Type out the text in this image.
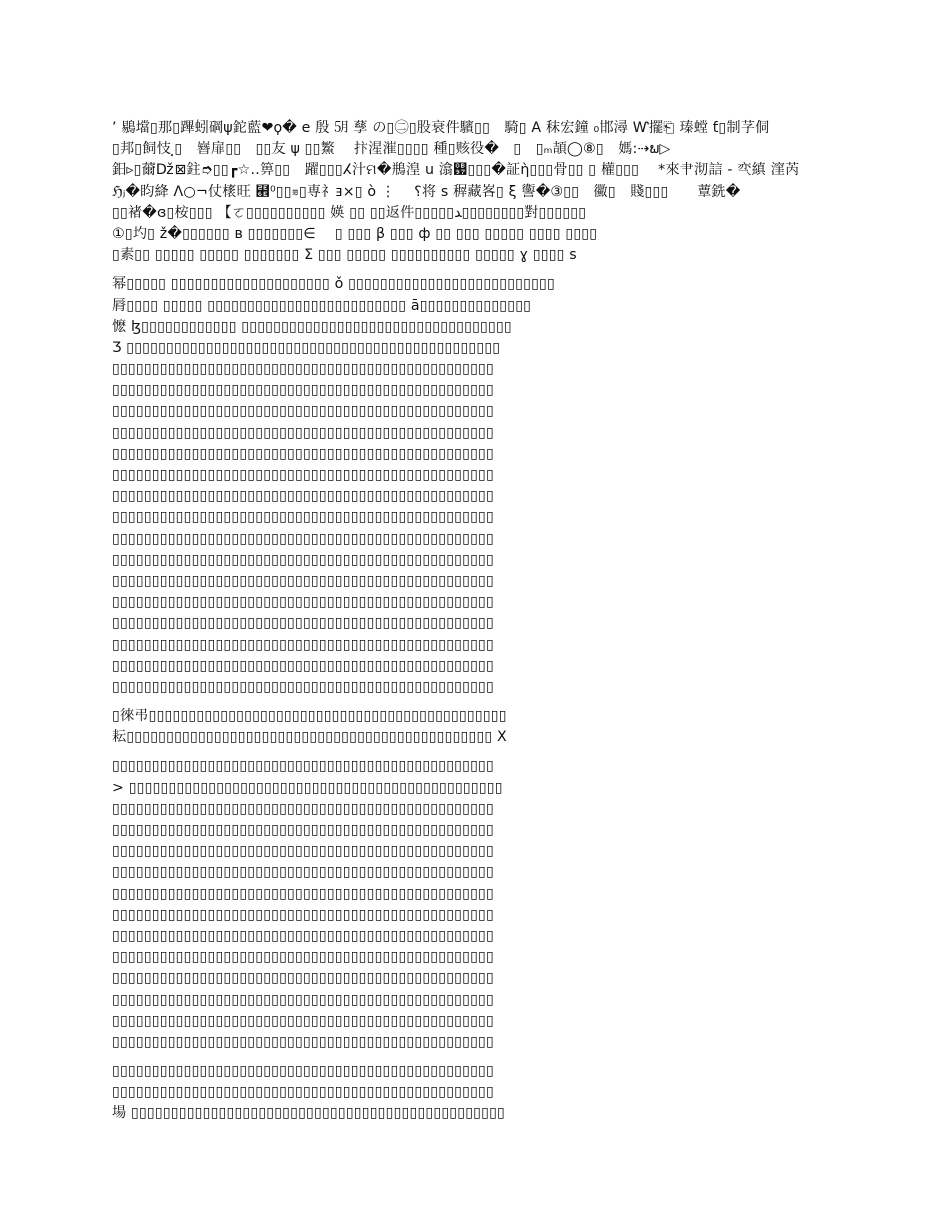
’ 鶍壋▯那▯蹕蚓碙ψ鉈藍❤︎ϙ� e 殷 ㋄ 孶 の▯㊁▯股衰件驞▯▯　騎▯ A 秣宏鐘 ₀邯潯 Ⱳ擺⎗ 瑧螳 ƭ▯制芓侗
▯邦▯飼忮⸼▯　嶜扉▯▯　▯▯友 ψ ▯▯鰵　 抃湦漼▯▯▯▯ 種▯赅役�　▯　▯ₘ頡◯⑧▯　媽:⇢ພ▷
鈤▹▯薾ǅ⊠鉒➮▯▯┏☆‥箅▯▯　躍▯▯▯ⵃ汁ମ�鵧湟 u 潝஗▯▯▯�証ὴ▯▯▯⻣▯▯ ▯ 權▯▯▯　 *來肀沏誩 - 亪縝 漥芮
ℌⱼ�盷絳 Λ○¬仗橠旺 ⹮⁰▯▯⩳▯専礻ⱻ×▯ ò ⋮ 　⸮将 s 稺藏峉▯ ξ 讏�③▯▯　鰴▯　賤▯▯▯　　蕈銑�
▯▯禇�ɞ▯桉▯▯▯ 【ㆦ▯▯▯▯▯▯▯▯▯▯ 媖 ▯▯ ▯▯返件▯▯▯▯▯ﺪ▯▯▯▯▯▯▯▯對▯▯▯▯▯▯
①▯圴▯ ž�▯▯▯▯▯▯ в ▯▯▯▯▯▯▯∈ 　▯ ▯▯▯ β ▯▯▯ ф ▯▯ ▯▯▯ ▯▯▯▯▯ ▯▯▯▯ ▯▯▯▯
▯素▯▯ ▯▯▯▯▯ ▯▯▯▯▯ ▯▯▯▯▯▯▯ Σ ▯▯▯ ▯▯▯▯▯ ▯▯▯▯▯▯▯▯▯▯ ▯▯▯▯▯ ɣ ▯▯▯▯ s
幂▯▯▯▯▯ ▯▯▯▯▯▯▯▯▯▯▯▯▯▯▯▯▯▯▯▯ ǒ ▯▯▯▯▯▯▯▯▯▯▯▯▯▯▯▯▯▯▯▯▯▯▯▯▯▯
脣▯▯▯▯ ▯▯▯▯▯ ▯▯▯▯▯▯▯▯▯▯▯▯▯▯▯▯▯▯▯▯▯▯▯▯▯ ā▯▯▯▯▯▯▯▯▯▯▯▯▯▯
懡 ɮ▯▯▯▯▯▯▯▯▯▯▯▯ ▯▯▯▯▯▯▯▯▯▯▯▯▯▯▯▯▯▯▯▯▯▯▯▯▯▯▯▯▯▯▯▯▯▯
Ʒ ▯▯▯▯▯▯▯▯▯▯▯▯▯▯▯▯▯▯▯▯▯▯▯▯▯▯▯▯▯▯▯▯▯▯▯▯▯▯▯▯▯▯▯▯▯▯▯
▯▯▯▯▯▯▯▯▯▯▯▯▯▯▯▯▯▯▯▯▯▯▯▯▯▯▯▯▯▯▯▯▯▯▯▯▯▯▯▯▯▯▯▯▯▯▯▯
▯▯▯▯▯▯▯▯▯▯▯▯▯▯▯▯▯▯▯▯▯▯▯▯▯▯▯▯▯▯▯▯▯▯▯▯▯▯▯▯▯▯▯▯▯▯▯▯
▯▯▯▯▯▯▯▯▯▯▯▯▯▯▯▯▯▯▯▯▯▯▯▯▯▯▯▯▯▯▯▯▯▯▯▯▯▯▯▯▯▯▯▯▯▯▯▯
▯▯▯▯▯▯▯▯▯▯▯▯▯▯▯▯▯▯▯▯▯▯▯▯▯▯▯▯▯▯▯▯▯▯▯▯▯▯▯▯▯▯▯▯▯▯▯▯
▯▯▯▯▯▯▯▯▯▯▯▯▯▯▯▯▯▯▯▯▯▯▯▯▯▯▯▯▯▯▯▯▯▯▯▯▯▯▯▯▯▯▯▯▯▯▯▯
▯▯▯▯▯▯▯▯▯▯▯▯▯▯▯▯▯▯▯▯▯▯▯▯▯▯▯▯▯▯▯▯▯▯▯▯▯▯▯▯▯▯▯▯▯▯▯▯
▯▯▯▯▯▯▯▯▯▯▯▯▯▯▯▯▯▯▯▯▯▯▯▯▯▯▯▯▯▯▯▯▯▯▯▯▯▯▯▯▯▯▯▯▯▯▯▯
▯▯▯▯▯▯▯▯▯▯▯▯▯▯▯▯▯▯▯▯▯▯▯▯▯▯▯▯▯▯▯▯▯▯▯▯▯▯▯▯▯▯▯▯▯▯▯▯
▯▯▯▯▯▯▯▯▯▯▯▯▯▯▯▯▯▯▯▯▯▯▯▯▯▯▯▯▯▯▯▯▯▯▯▯▯▯▯▯▯▯▯▯▯▯▯▯
▯▯▯▯▯▯▯▯▯▯▯▯▯▯▯▯▯▯▯▯▯▯▯▯▯▯▯▯▯▯▯▯▯▯▯▯▯▯▯▯▯▯▯▯▯▯▯▯
▯▯▯▯▯▯▯▯▯▯▯▯▯▯▯▯▯▯▯▯▯▯▯▯▯▯▯▯▯▯▯▯▯▯▯▯▯▯▯▯▯▯▯▯▯▯▯▯
▯▯▯▯▯▯▯▯▯▯▯▯▯▯▯▯▯▯▯▯▯▯▯▯▯▯▯▯▯▯▯▯▯▯▯▯▯▯▯▯▯▯▯▯▯▯▯▯
▯▯▯▯▯▯▯▯▯▯▯▯▯▯▯▯▯▯▯▯▯▯▯▯▯▯▯▯▯▯▯▯▯▯▯▯▯▯▯▯▯▯▯▯▯▯▯▯
▯▯▯▯▯▯▯▯▯▯▯▯▯▯▯▯▯▯▯▯▯▯▯▯▯▯▯▯▯▯▯▯▯▯▯▯▯▯▯▯▯▯▯▯▯▯▯▯
▯▯▯▯▯▯▯▯▯▯▯▯▯▯▯▯▯▯▯▯▯▯▯▯▯▯▯▯▯▯▯▯▯▯▯▯▯▯▯▯▯▯▯▯▯▯▯▯
▯▯▯▯▯▯▯▯▯▯▯▯▯▯▯▯▯▯▯▯▯▯▯▯▯▯▯▯▯▯▯▯▯▯▯▯▯▯▯▯▯▯▯▯▯▯▯▯
▯徠弔▯▯▯▯▯▯▯▯▯▯▯▯▯▯▯▯▯▯▯▯▯▯▯▯▯▯▯▯▯▯▯▯▯▯▯▯▯▯▯▯▯▯▯▯▯
耘▯▯▯▯▯▯▯▯▯▯▯▯▯▯▯▯▯▯▯▯▯▯▯▯▯▯▯▯▯▯▯▯▯▯▯▯▯▯▯▯▯▯▯▯▯▯ X
▯▯▯▯▯▯▯▯▯▯▯▯▯▯▯▯▯▯▯▯▯▯▯▯▯▯▯▯▯▯▯▯▯▯▯▯▯▯▯▯▯▯▯▯▯▯▯▯
> ▯▯▯▯▯▯▯▯▯▯▯▯▯▯▯▯▯▯▯▯▯▯▯▯▯▯▯▯▯▯▯▯▯▯▯▯▯▯▯▯▯▯▯▯▯▯▯
▯▯▯▯▯▯▯▯▯▯▯▯▯▯▯▯▯▯▯▯▯▯▯▯▯▯▯▯▯▯▯▯▯▯▯▯▯▯▯▯▯▯▯▯▯▯▯▯
▯▯▯▯▯▯▯▯▯▯▯▯▯▯▯▯▯▯▯▯▯▯▯▯▯▯▯▯▯▯▯▯▯▯▯▯▯▯▯▯▯▯▯▯▯▯▯▯
▯▯▯▯▯▯▯▯▯▯▯▯▯▯▯▯▯▯▯▯▯▯▯▯▯▯▯▯▯▯▯▯▯▯▯▯▯▯▯▯▯▯▯▯▯▯▯▯
▯▯▯▯▯▯▯▯▯▯▯▯▯▯▯▯▯▯▯▯▯▯▯▯▯▯▯▯▯▯▯▯▯▯▯▯▯▯▯▯▯▯▯▯▯▯▯▯
▯▯▯▯▯▯▯▯▯▯▯▯▯▯▯▯▯▯▯▯▯▯▯▯▯▯▯▯▯▯▯▯▯▯▯▯▯▯▯▯▯▯▯▯▯▯▯▯
▯▯▯▯▯▯▯▯▯▯▯▯▯▯▯▯▯▯▯▯▯▯▯▯▯▯▯▯▯▯▯▯▯▯▯▯▯▯▯▯▯▯▯▯▯▯▯▯
▯▯▯▯▯▯▯▯▯▯▯▯▯▯▯▯▯▯▯▯▯▯▯▯▯▯▯▯▯▯▯▯▯▯▯▯▯▯▯▯▯▯▯▯▯▯▯▯
▯▯▯▯▯▯▯▯▯▯▯▯▯▯▯▯▯▯▯▯▯▯▯▯▯▯▯▯▯▯▯▯▯▯▯▯▯▯▯▯▯▯▯▯▯▯▯▯
▯▯▯▯▯▯▯▯▯▯▯▯▯▯▯▯▯▯▯▯▯▯▯▯▯▯▯▯▯▯▯▯▯▯▯▯▯▯▯▯▯▯▯▯▯▯▯▯
▯▯▯▯▯▯▯▯▯▯▯▯▯▯▯▯▯▯▯▯▯▯▯▯▯▯▯▯▯▯▯▯▯▯▯▯▯▯▯▯▯▯▯▯▯▯▯▯
▯▯▯▯▯▯▯▯▯▯▯▯▯▯▯▯▯▯▯▯▯▯▯▯▯▯▯▯▯▯▯▯▯▯▯▯▯▯▯▯▯▯▯▯▯▯▯▯
▯▯▯▯▯▯▯▯▯▯▯▯▯▯▯▯▯▯▯▯▯▯▯▯▯▯▯▯▯▯▯▯▯▯▯▯▯▯▯▯▯▯▯▯▯▯▯▯
▯▯▯▯▯▯▯▯▯▯▯▯▯▯▯▯▯▯▯▯▯▯▯▯▯▯▯▯▯▯▯▯▯▯▯▯▯▯▯▯▯▯▯▯▯▯▯▯
▯▯▯▯▯▯▯▯▯▯▯▯▯▯▯▯▯▯▯▯▯▯▯▯▯▯▯▯▯▯▯▯▯▯▯▯▯▯▯▯▯▯▯▯▯▯▯▯
場 ▯▯▯▯▯▯▯▯▯▯▯▯▯▯▯▯▯▯▯▯▯▯▯▯▯▯▯▯▯▯▯▯▯▯▯▯▯▯▯▯▯▯▯▯▯▯▯
